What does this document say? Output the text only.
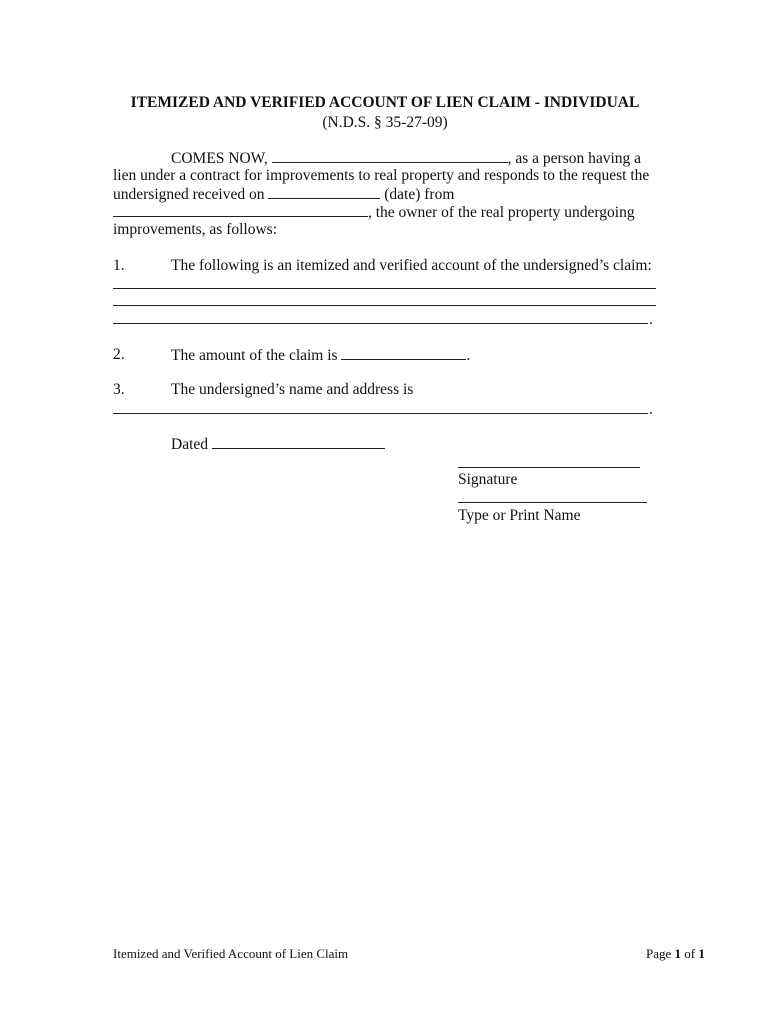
ITEMIZED AND VERIFIED ACCOUNT OF LIEN CLAIM - INDIVIDUAL
(N.D.S. § 35-27-09)
COMES NOW,	, as a person having a
lien under a contract for improvements to real property and responds to the request the
undersigned received on	(date) from
, the owner of the real property undergoing
improvements, as follows:
1.	The following is an itemized and verified account of the undersigned’s claim:
.
2.	The amount of the claim is	.
3.	The undersigned’s name and address is
.
Dated
Signature
Type or Print Name
Itemized and Verified Account of Lien Claim	Page 1 of 1
